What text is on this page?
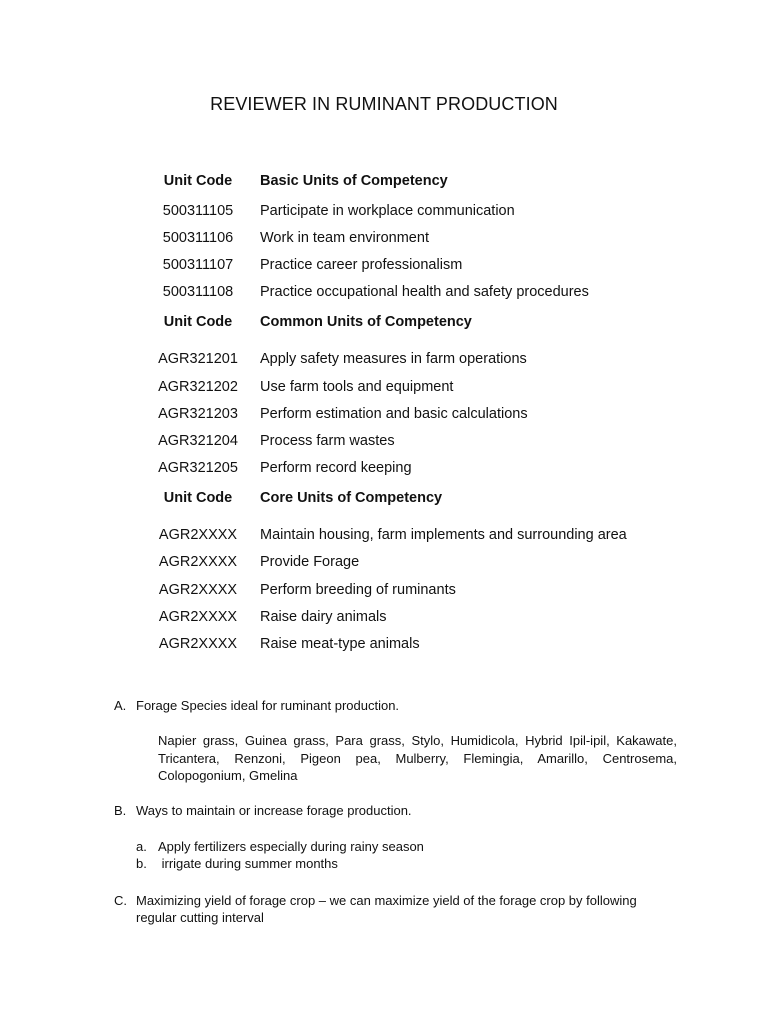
REVIEWER IN RUMINANT PRODUCTION
Unit Code	Basic Units of Competency
500311105	Participate in workplace communication
500311106	Work in team environment
500311107	Practice career professionalism
500311108	Practice occupational health and safety procedures
Unit Code	Common Units of Competency

AGR321201	Apply safety measures in farm operations
AGR321202	Use farm tools and equipment
AGR321203	Perform estimation and basic calculations
AGR321204	Process farm wastes
AGR321205	Perform record keeping
Unit Code	Core Units of Competency

AGR2XXXX	Maintain housing, farm implements and surrounding area
AGR2XXXX	Provide Forage
AGR2XXXX	Perform breeding of ruminants
AGR2XXXX	Raise dairy animals
AGR2XXXX	Raise meat-type animals
A. Forage Species ideal for ruminant production.
Napier grass, Guinea grass, Para grass, Stylo, Humidicola, Hybrid Ipil-ipil, Kakawate, Tricantera, Renzoni, Pigeon pea, Mulberry, Flemingia, Amarillo, Centrosema, Colopogonium, Gmelina
B. Ways to maintain or increase forage production.
a. Apply fertilizers especially during rainy season
b. irrigate during summer months
C. Maximizing yield of forage crop – we can maximize yield of the forage crop by following regular cutting interval
